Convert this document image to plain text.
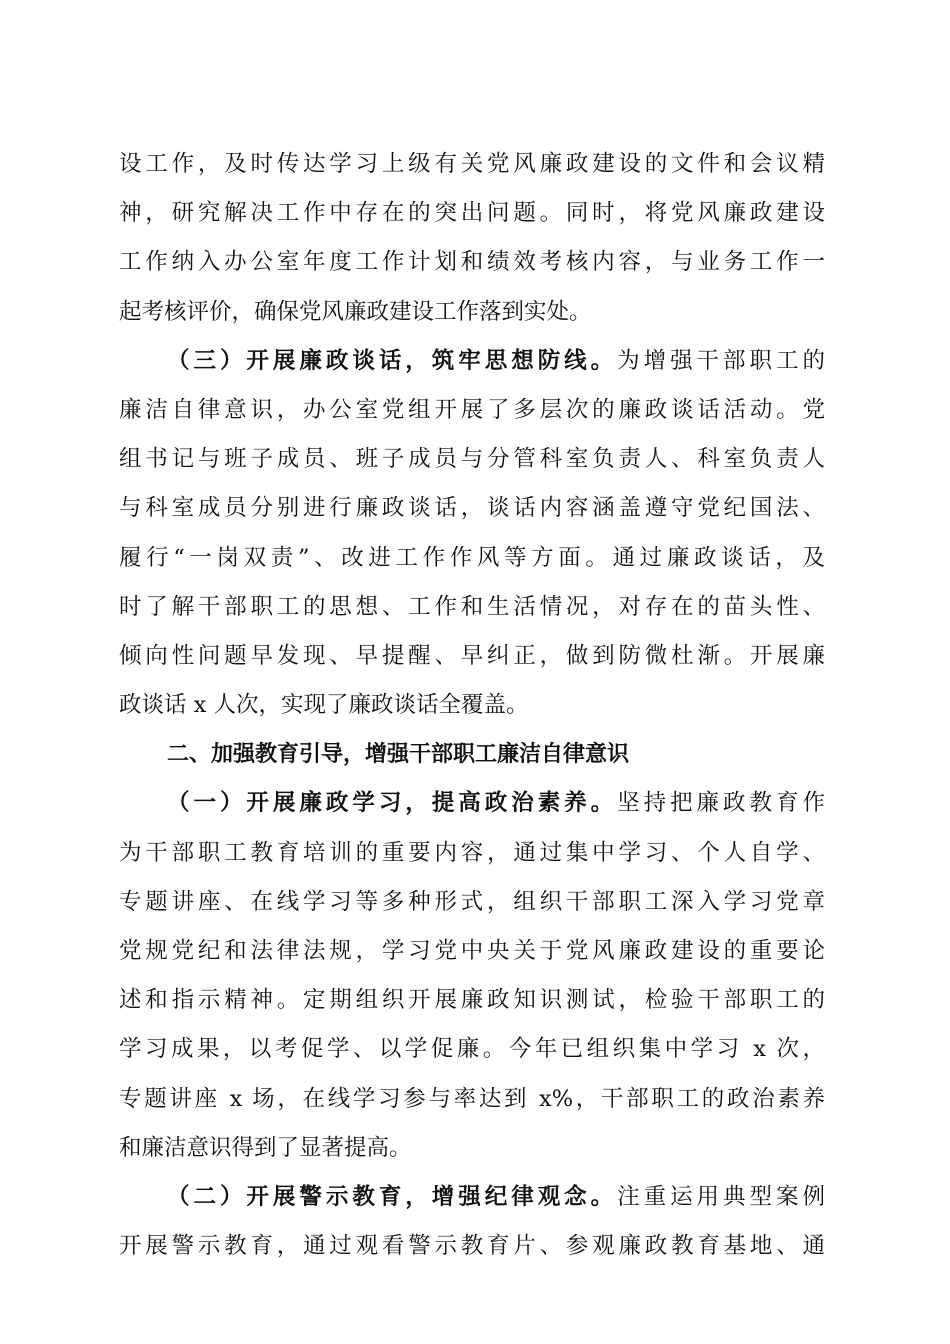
设工作，及时传达学习上级有关党风廉政建设的文件和会议精
神，研究解决工作中存在的突出问题。同时，将党风廉政建设
工作纳入办公室年度工作计划和绩效考核内容，与业务工作一
起考核评价，确保党风廉政建设工作落到实处。
（三）开展廉政谈话，筑牢思想防线。为增强干部职工的
廉洁自律意识，办公室党组开展了多层次的廉政谈话活动。党
组书记与班子成员、班子成员与分管科室负责人、科室负责人
与科室成员分别进行廉政谈话，谈话内容涵盖遵守党纪国法、
履行“一岗双责”、改进工作作风等方面。通过廉政谈话，及
时了解干部职工的思想、工作和生活情况，对存在的苗头性、
倾向性问题早发现、早提醒、早纠正，做到防微杜渐。开展廉
政谈话 x 人次，实现了廉政谈话全覆盖。
二、加强教育引导，增强干部职工廉洁自律意识
（一）开展廉政学习，提高政治素养。坚持把廉政教育作
为干部职工教育培训的重要内容，通过集中学习、个人自学、
专题讲座、在线学习等多种形式，组织干部职工深入学习党章
党规党纪和法律法规，学习党中央关于党风廉政建设的重要论
述和指示精神。定期组织开展廉政知识测试，检验干部职工的
学习成果，以考促学、以学促廉。今年已组织集中学习 x 次，
专题讲座 x 场，在线学习参与率达到 x%，干部职工的政治素养
和廉洁意识得到了显著提高。
（二）开展警示教育，增强纪律观念。注重运用典型案例
开展警示教育，通过观看警示教育片、参观廉政教育基地、通
